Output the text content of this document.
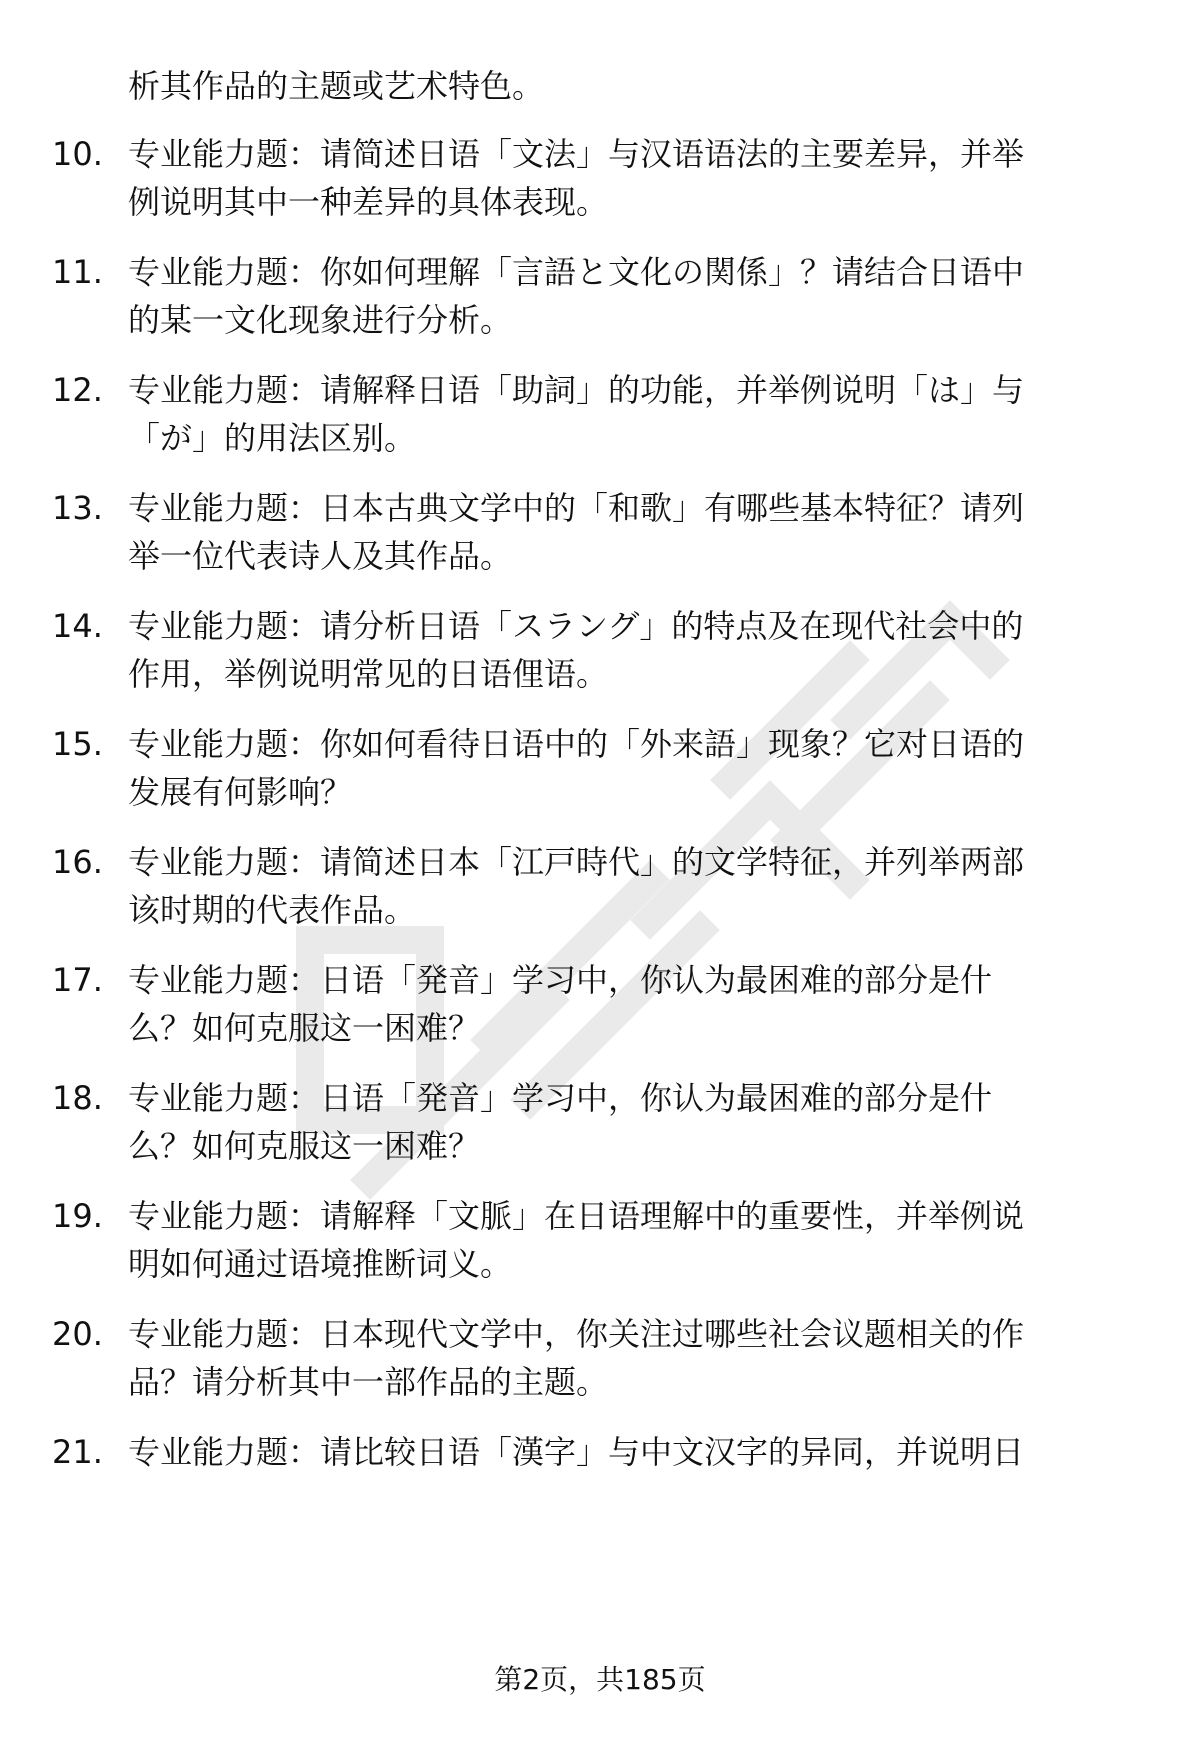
析其作品的主题或艺术特色。
10. 专业能力题：请简述日语「文法」与汉语语法的主要差异，并举
例说明其中一种差异的具体表现。
11. 专业能力题：你如何理解「言語と文化の関係」？请结合日语中
的某一文化现象进行分析。
12. 专业能力题：请解释日语「助詞」的功能，并举例说明「は」与
「が」的用法区别。
13. 专业能力题：日本古典文学中的「和歌」有哪些基本特征？请列
举一位代表诗人及其作品。
14. 专业能力题：请分析日语「スラング」的特点及在现代社会中的
作用，举例说明常见的日语俚语。
15. 专业能力题：你如何看待日语中的「外来語」现象？它对日语的
发展有何影响？
16. 专业能力题：请简述日本「江戸時代」的文学特征，并列举两部
该时期的代表作品。
17. 专业能力题：日语「発音」学习中，你认为最困难的部分是什
么？如何克服这一困难？
18. 专业能力题：日语「発音」学习中，你认为最困难的部分是什
么？如何克服这一困难？
19. 专业能力题：请解释「文脈」在日语理解中的重要性，并举例说
明如何通过语境推断词义。
20. 专业能力题：日本现代文学中，你关注过哪些社会议题相关的作
品？请分析其中一部作品的主题。
21. 专业能力题：请比较日语「漢字」与中文汉字的异同，并说明日
第2页，共185页
